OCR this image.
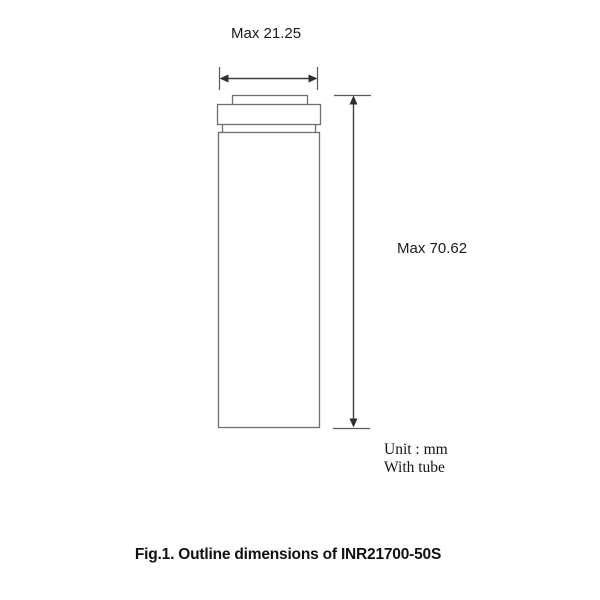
Max 21.25
Max 70.62
Unit : mm
With tube
Fig.1. Outline dimensions of INR21700-50S
